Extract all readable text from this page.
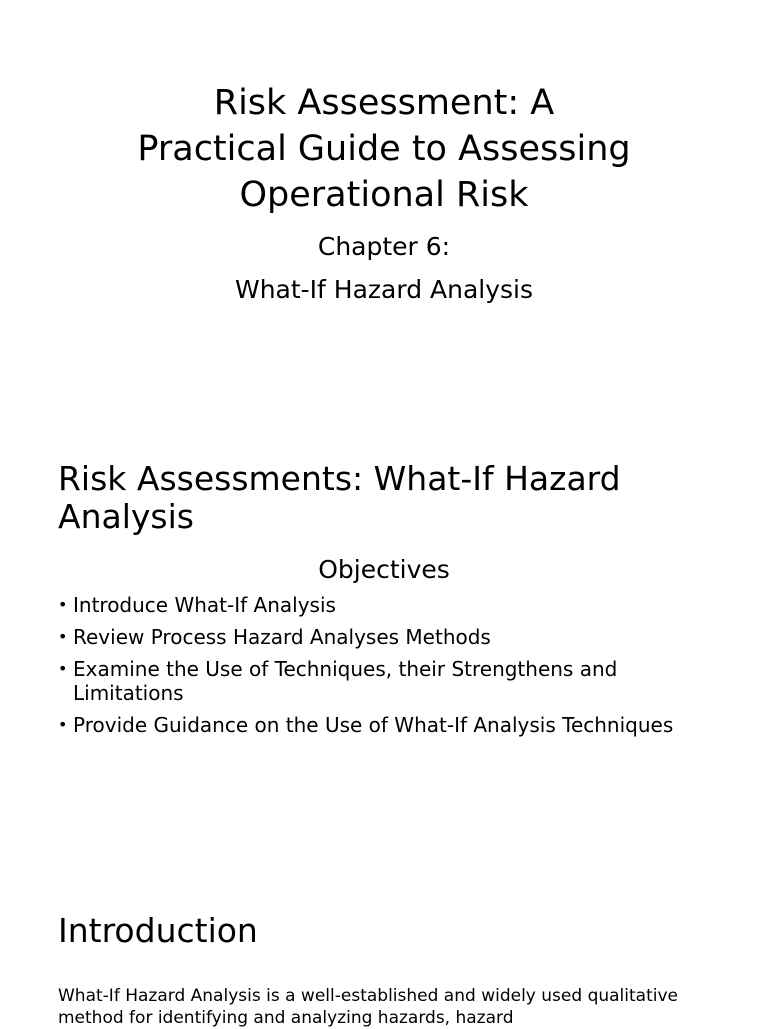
Risk Assessment: A
Practical Guide to Assessing
Operational Risk

Chapter 6:

What-If Hazard Analysis

Risk Assessments: What-If Hazard Analysis

Objectives

• Introduce What-If Analysis
• Review Process Hazard Analyses Methods
• Examine the Use of Techniques, their Strengthens and Limitations
• Provide Guidance on the Use of What-If Analysis Techniques
Introduction

What-If Hazard Analysis is a well-established and widely used qualitative method for identifying and analyzing hazards, hazard
